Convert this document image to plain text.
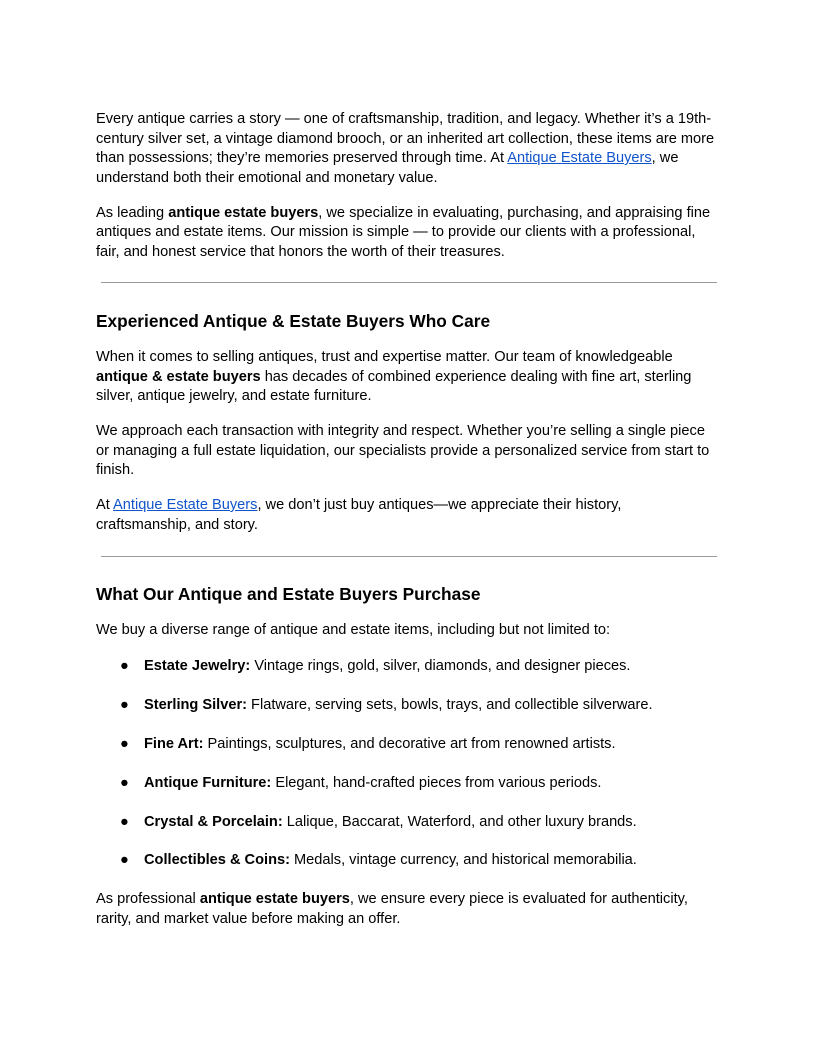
Every antique carries a story — one of craftsmanship, tradition, and legacy. Whether it’s a 19th-century silver set, a vintage diamond brooch, or an inherited art collection, these items are more than possessions; they’re memories preserved through time. At Antique Estate Buyers, we understand both their emotional and monetary value.

As leading antique estate buyers, we specialize in evaluating, purchasing, and appraising fine antiques and estate items. Our mission is simple — to provide our clients with a professional, fair, and honest service that honors the worth of their treasures.

Experienced Antique & Estate Buyers Who Care

When it comes to selling antiques, trust and expertise matter. Our team of knowledgeable antique & estate buyers has decades of combined experience dealing with fine art, sterling silver, antique jewelry, and estate furniture.

We approach each transaction with integrity and respect. Whether you’re selling a single piece or managing a full estate liquidation, our specialists provide a personalized service from start to finish.

At Antique Estate Buyers, we don’t just buy antiques—we appreciate their history, craftsmanship, and story.

What Our Antique and Estate Buyers Purchase

We buy a diverse range of antique and estate items, including but not limited to:

● Estate Jewelry: Vintage rings, gold, silver, diamonds, and designer pieces.
● Sterling Silver: Flatware, serving sets, bowls, trays, and collectible silverware.
● Fine Art: Paintings, sculptures, and decorative art from renowned artists.
● Antique Furniture: Elegant, hand-crafted pieces from various periods.
● Crystal & Porcelain: Lalique, Baccarat, Waterford, and other luxury brands.
● Collectibles & Coins: Medals, vintage currency, and historical memorabilia.

As professional antique estate buyers, we ensure every piece is evaluated for authenticity, rarity, and market value before making an offer.
